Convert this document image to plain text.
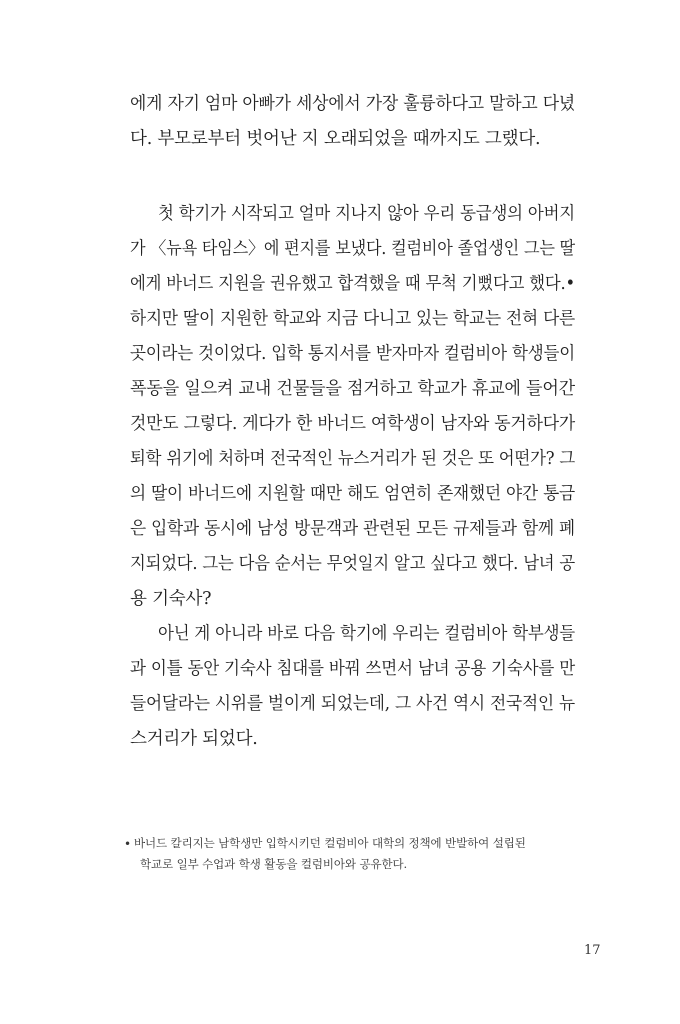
에게 자기 엄마 아빠가 세상에서 가장 훌륭하다고 말하고 다녔
다. 부모로부터 벗어난 지 오래되었을 때까지도 그랬다.
첫 학기가 시작되고 얼마 지나지 않아 우리 동급생의 아버지
가 〈뉴욕 타임스〉에 편지를 보냈다. 컬럼비아 졸업생인 그는 딸
에게 바너드 지원을 권유했고 합격했을 때 무척 기뻤다고 했다.•
하지만 딸이 지원한 학교와 지금 다니고 있는 학교는 전혀 다른
곳이라는 것이었다. 입학 통지서를 받자마자 컬럼비아 학생들이
폭동을 일으켜 교내 건물들을 점거하고 학교가 휴교에 들어간
것만도 그렇다. 게다가 한 바너드 여학생이 남자와 동거하다가
퇴학 위기에 처하며 전국적인 뉴스거리가 된 것은 또 어떤가? 그
의 딸이 바너드에 지원할 때만 해도 엄연히 존재했던 야간 통금
은 입학과 동시에 남성 방문객과 관련된 모든 규제들과 함께 폐
지되었다. 그는 다음 순서는 무엇일지 알고 싶다고 했다. 남녀 공
용 기숙사?
아닌 게 아니라 바로 다음 학기에 우리는 컬럼비아 학부생들
과 이틀 동안 기숙사 침대를 바꿔 쓰면서 남녀 공용 기숙사를 만
들어달라는 시위를 벌이게 되었는데, 그 사건 역시 전국적인 뉴
스거리가 되었다.
• 바너드 칼리지는 남학생만 입학시키던 컬럼비아 대학의 정책에 반발하여 설립된
학교로 일부 수업과 학생 활동을 컬럼비아와 공유한다.
17
